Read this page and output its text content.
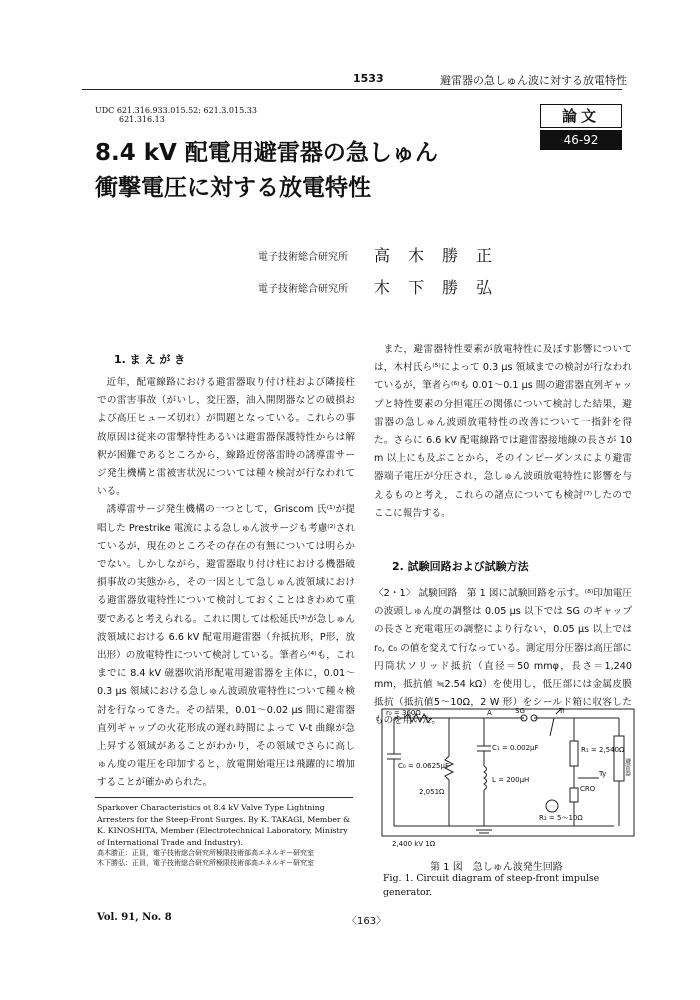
1533	避雷器の急しゅん波に対する放電特性
UDC 621.316.933.015.52: 621.3.015.33
621.316.13	論文
46-92
8.4 kV 配電用避雷器の急しゅん
衝撃電圧に対する放電特性
電子技術総合研究所 高木勝正
電子技術総合研究所 木下勝弘
1. ま え が き

近年，配電線路における避雷器取り付け柱および隣接柱での雷害事故（がいし，変圧器，油入開閉器などの破損および高圧ヒューズ切れ）が問題となっている。これらの事故原因は従来の雷撃特性あるいは避雷器保護特性からは解釈が困難であるところから，線路近傍落雷時の誘導雷サージ発生機構と雷被害状況については種々検討が行なわれている。

誘導雷サージ発生機構の一つとして，Griscom 氏⁽¹⁾が提唱した Prestrike 電流による急しゅん波サージも考慮⁽²⁾されているが，現在のところその存在の有無については明らかでない。しかしながら，避雷器取り付け柱における機器破損事故の実態から，その一因として急しゅん波領域における避雷器放電特性について検討しておくことはきわめて重要であると考えられる。これに関しては松延氏⁽³⁾が急しゅん波領域における 6.6 kV 配電用避雷器（弁抵抗形，P形，放出形）の放電特性について検討している。筆者ら⁽⁴⁾も，これまでに 8.4 kV 磁器吹消形配電用避雷器を主体に，0.01～0.3 μs 領域における急しゅん波頭放電特性について種々検討を行なってきた。その結果，0.01～0.02 μs 間に避雷器直列ギャップの火花形成の遅れ時間によって V-t 曲線が急上昇する領域があることがわかり，その領域でさらに高しゅん度の電圧を印加すると，放電開始電圧は飛躍的に増加することが確かめられた。

また，避雷器特性要素が放電特性に及ぼす影響については，木村氏ら⁽⁵⁾によって 0.3 μs 領域までの検討が行なわれているが，筆者ら⁽⁶⁾も 0.01～0.1 μs 間の避雷器直列ギャップと特性要素の分担電圧の関係について検討した結果，避雷器の急しゅん波頭放電特性の改善について一指針を得た。さらに 6.6 kV 配電線路では避雷器接地線の長さが 10 m 以上にも及ぶことから，そのインピーダンスにより避雷器端子電圧が分圧され，急しゅん波頭放電特性に影響を与えるものと考え，これらの諸点についても検討⁽⁷⁾したのでここに報告する。

2. 試験回路および試験方法

〈2・1〉 試験回路　第 1 図に試験回路を示す。⁽⁸⁾印加電圧の波頭しゅん度の調整は 0.05 μs 以下では SG のギャップの長さと充電電圧の調整により行ない，0.05 μs 以上では r₀, c₀ の値を変えて行なっている。測定用分圧器は高圧部に円筒状ソリッド抵抗（直径＝50 mmφ，長さ＝1,240 mm，抵抗値 ≒2.54 kΩ）を使用し，低圧部には金属皮膜抵抗（抵抗値5～10Ω，2 W 形）をシールド箱に収容したものを用いた。

r₀ = 360Ω
C₀ = 0.0625μF
2,051Ω
C₁ = 0.002μF
L = 200μH
SG
A	Tr
R₁ = 2,540Ω
R₂ = 5〜10Ω
CRO
Ty	避雷器
2,400 kV 1Ω
第 1 図　急しゅん波発生回路
Fig. 1. Circuit diagram of steep-front impulse generator.
Sparkover Characteristics ot 8.4 kV Valve Type Lightning Arresters for the Steep-Front Surges. By K. TAKAGI, Member & K. KINOSHITA, Member (Electrotechnical Laboratory, Ministry of International Trade and Industry).
高木勝正：正員，電子技術総合研究所極限技術部高エネルギー研究室
木下勝弘：正員，電子技術総合研究所極限技術部高エネルギー研究室
Vol. 91, No. 8	〈163〉
